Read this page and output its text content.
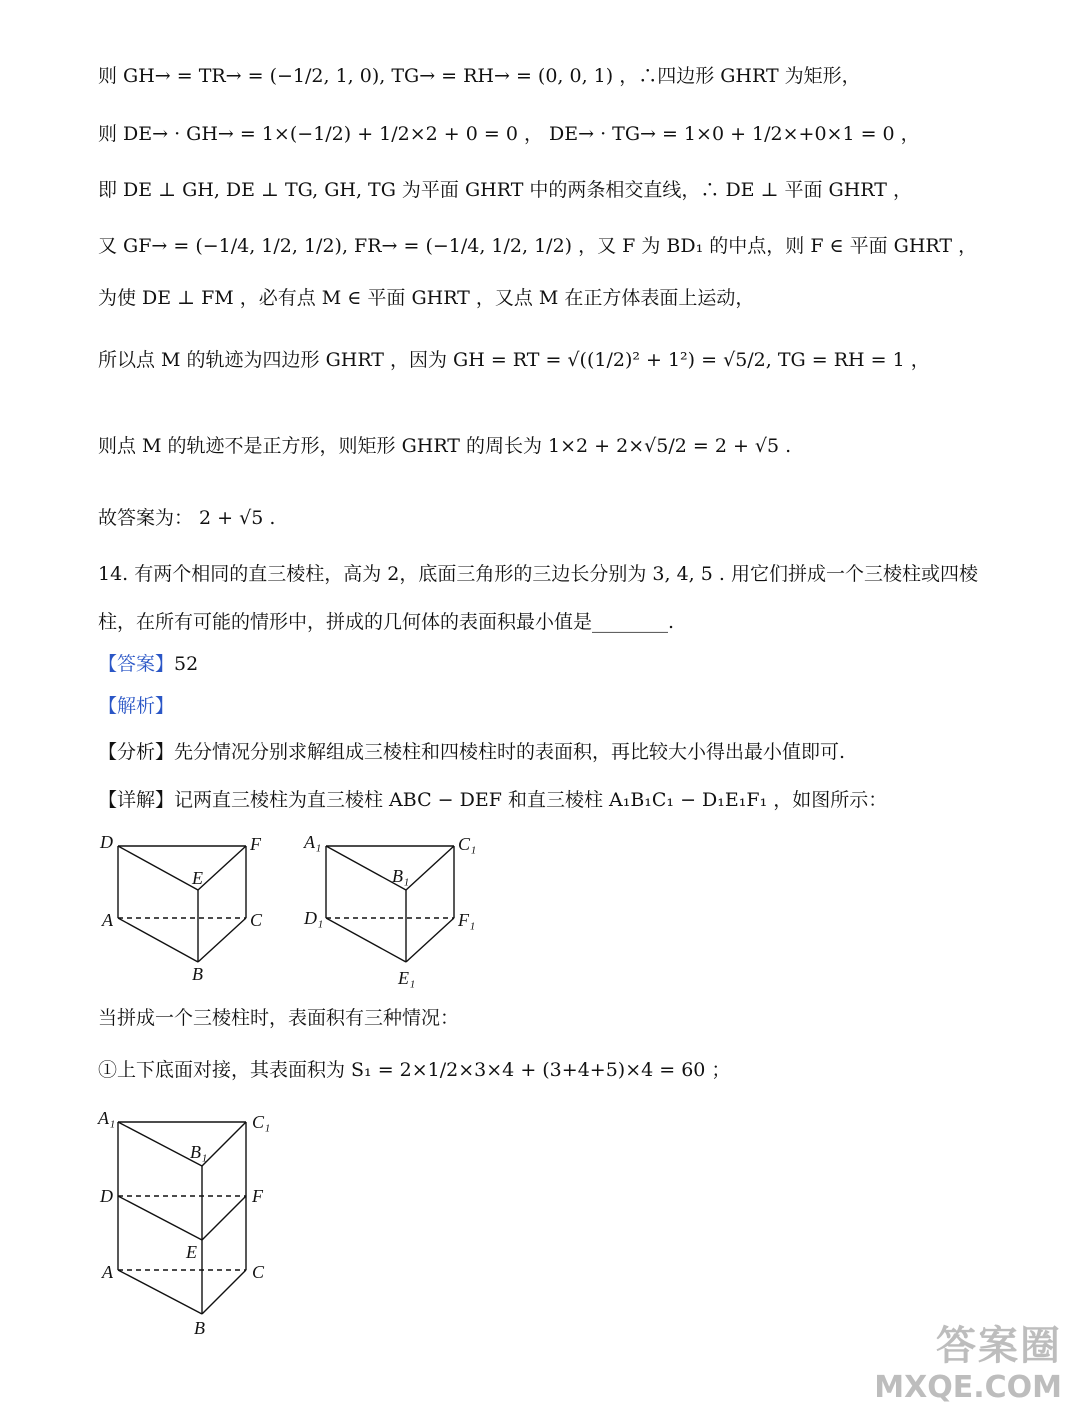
则 GH→ = TR→ = (−1/2, 1, 0), TG→ = RH→ = (0, 0, 1) ，∴四边形 GHRT 为矩形，
则 DE→ · GH→ = 1×(−1/2) + 1/2×2 + 0 = 0 ， DE→ · TG→ = 1×0 + 1/2×+0×1 = 0 ，
即 DE ⊥ GH, DE ⊥ TG, GH, TG 为平面 GHRT 中的两条相交直线，∴ DE ⊥ 平面 GHRT ，
又 GF→ = (−1/4, 1/2, 1/2), FR→ = (−1/4, 1/2, 1/2) ，又 F 为 BD₁ 的中点，则 F ∈ 平面 GHRT ，
为使 DE ⊥ FM ，必有点 M ∈ 平面 GHRT ，又点 M 在正方体表面上运动，
所以点 M 的轨迹为四边形 GHRT ，因为 GH = RT = √((1/2)² + 1²) = √5/2, TG = RH = 1 ，
则点 M 的轨迹不是正方形，则矩形 GHRT 的周长为 1×2 + 2×√5/2 = 2 + √5 .
故答案为： 2 + √5 .
14. 有两个相同的直三棱柱，高为 2，底面三角形的三边长分别为 3, 4, 5 . 用它们拼成一个三棱柱或四棱
柱，在所有可能的情形中，拼成的几何体的表面积最小值是________.
【答案】52
【解析】
【分析】先分情况分别求解组成三棱柱和四棱柱时的表面积，再比较大小得出最小值即可.
【详解】记两直三棱柱为直三棱柱 ABC − DEF 和直三棱柱 A₁B₁C₁ − D₁E₁F₁ ，如图所示：
当拼成一个三棱柱时，表面积有三种情况：
①上下底面对接，其表面积为 S₁ = 2×1/2×3×4 + (3+4+5)×4 = 60 ；
D	F
E
A	C
B
A₁	C₁
B₁
D₁	F₁
E₁
A₁	C₁
B₁
D	F
E
A	C
B	答案圈
MXQE.COM
